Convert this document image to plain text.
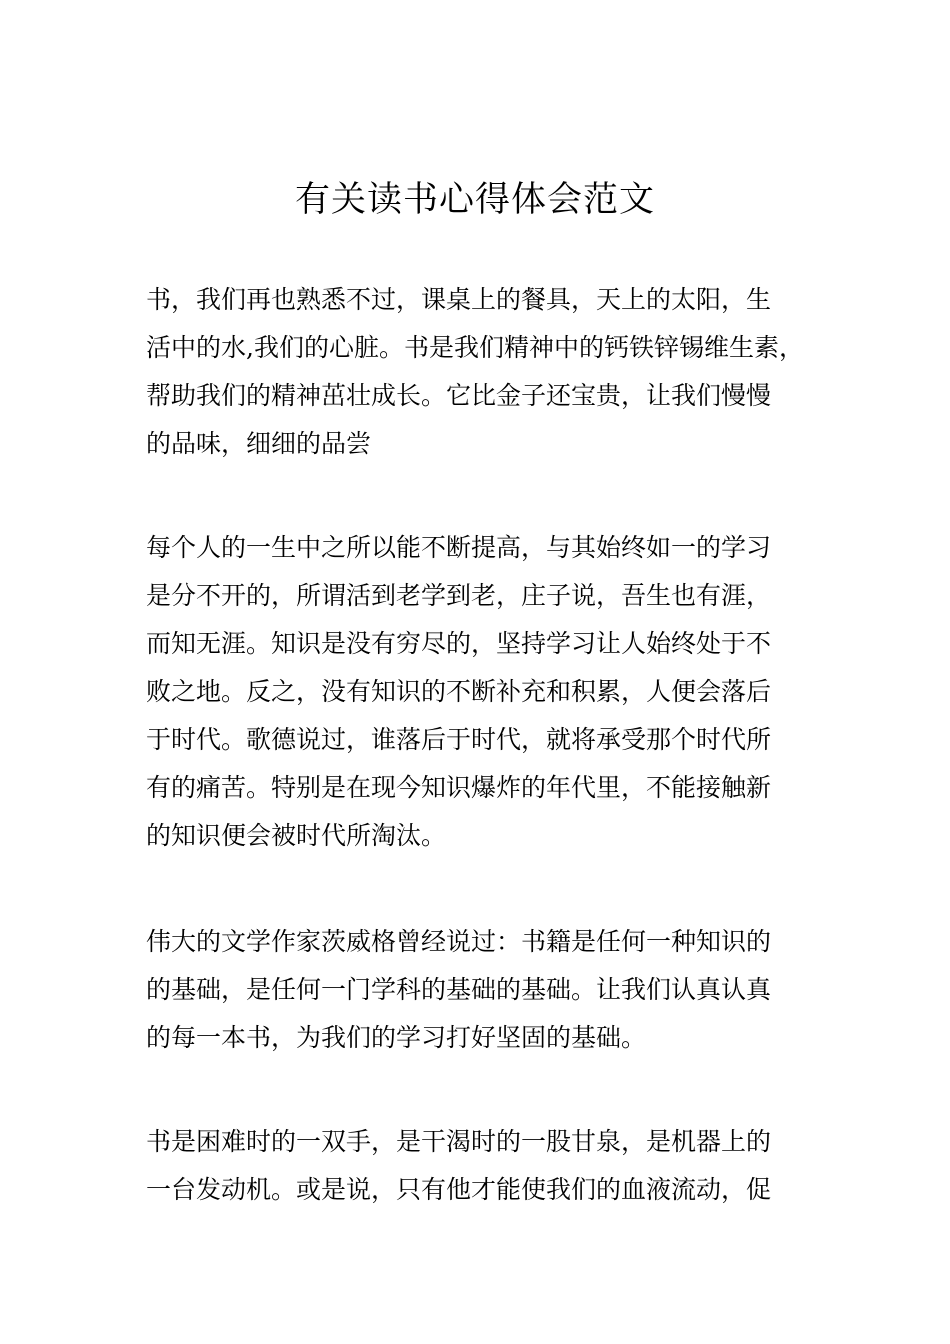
有关读书心得体会范文
书，我们再也熟悉不过，课桌上的餐具，天上的太阳，生
活中的水,我们的心脏。书是我们精神中的钙铁锌锡维生素，
帮助我们的精神茁壮成长。它比金子还宝贵，让我们慢慢
的品味，细细的品尝
每个人的一生中之所以能不断提高，与其始终如一的学习
是分不开的，所谓活到老学到老，庄子说，吾生也有涯，
而知无涯。知识是没有穷尽的，坚持学习让人始终处于不
败之地。反之，没有知识的不断补充和积累，人便会落后
于时代。歌德说过，谁落后于时代，就将承受那个时代所
有的痛苦。特别是在现今知识爆炸的年代里，不能接触新
的知识便会被时代所淘汰。
伟大的文学作家茨威格曾经说过：书籍是任何一种知识的
的基础，是任何一门学科的基础的基础。让我们认真认真
的每一本书，为我们的学习打好坚固的基础。
书是困难时的一双手，是干渴时的一股甘泉，是机器上的
一台发动机。或是说，只有他才能使我们的血液流动，促
